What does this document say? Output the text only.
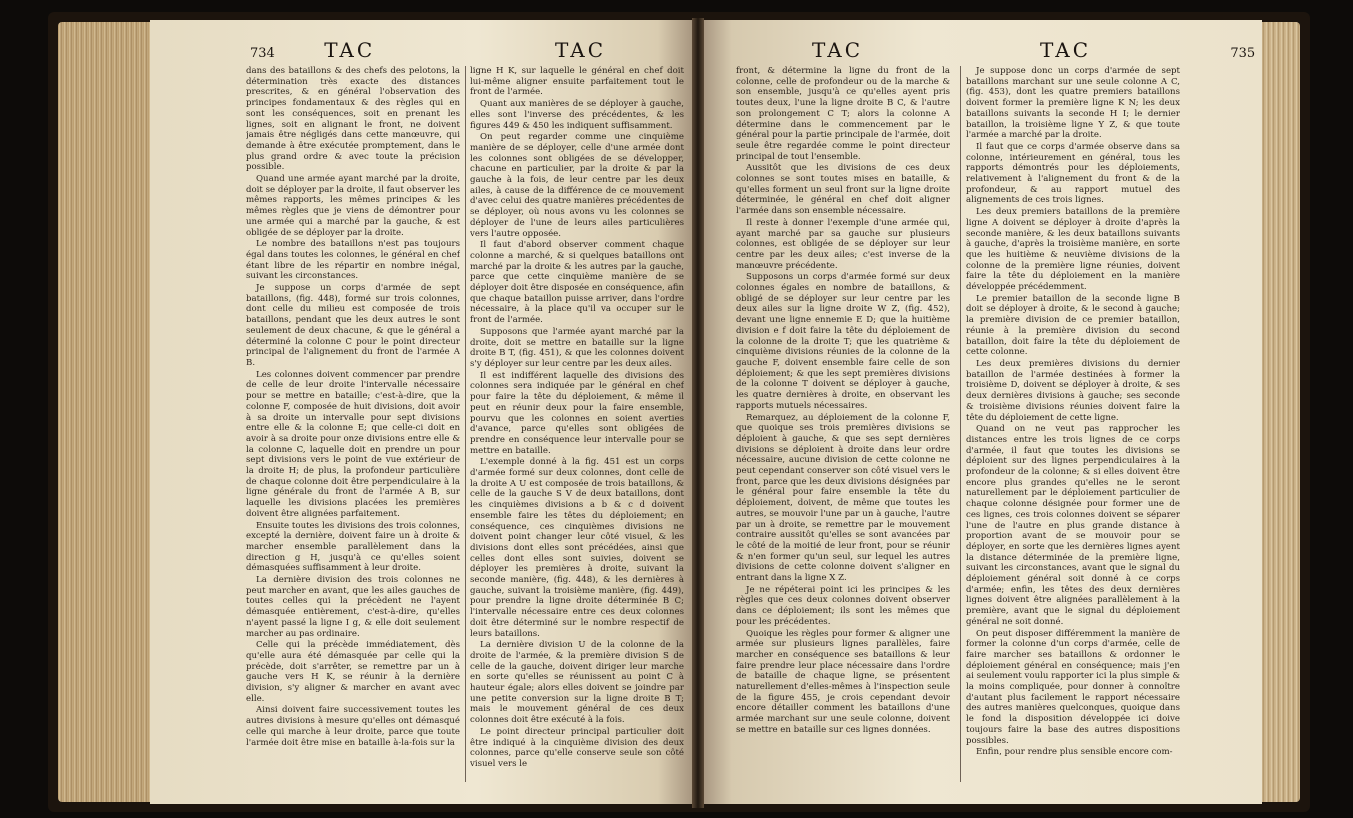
734 TAC	TAC

dans des bataillons & des chefs des pelotons, la détermination très exacte des distances prescrites, & en général l'observation des principes fondamentaux & des règles qui en sont les conséquences, soit en prenant les lignes, soit en alignant le front, ne doivent jamais être négligés dans cette manœuvre, qui demande à être exécutée promptement, dans le plus grand ordre & avec toute la précision possible.

Quand une armée ayant marché par la droite, doit se déployer par la droite, il faut observer les mêmes rapports, les mêmes principes & les mêmes règles que je viens de démontrer pour une armée qui a marché par la gauche, & est obligée de se déployer par la droite.

Le nombre des bataillons n'est pas toujours égal dans toutes les colonnes, le général en chef étant libre de les répartir en nombre inégal, suivant les circonstances.

Je suppose un corps d'armée de sept bataillons, (fig. 448), formé sur trois colonnes, dont celle du milieu est composée de trois bataillons, pendant que les deux autres le sont seulement de deux chacune, & que le général a déterminé la colonne C pour le point directeur principal de l'alignement du front de l'armée A B.

Les colonnes doivent commencer par prendre de celle de leur droite l'intervalle nécessaire pour se mettre en bataille; c'est-à-dire, que la colonne F, composée de huit divisions, doit avoir à sa droite un intervalle pour sept divisions entre elle & la colonne E; que celle-ci doit en avoir à sa droite pour onze divisions entre elle & la colonne C, laquelle doit en prendre un pour sept divisions vers le point de vue extérieur de la droite H; de plus, la profondeur particulière de chaque colonne doit être perpendiculaire à la ligne générale du front de l'armée A B, sur laquelle les divisions placées les premières doivent être alignées parfaitement.

Ensuite toutes les divisions des trois colonnes, excepté la dernière, doivent faire un à droite & marcher ensemble parallèlement dans la direction g H, jusqu'à ce qu'elles soient démasquées suffisamment à leur droite.

La dernière division des trois colonnes ne peut marcher en avant, que les ailes gauches de toutes celles qui la précèdent ne l'ayent démasquée entièrement, c'est-à-dire, qu'elles n'ayent passé la ligne I g, & elle doit seulement marcher au pas ordinaire.

Celle qui la précède immédiatement, dès qu'elle aura été démasquée par celle qui la précède, doit s'arrêter, se remettre par un à gauche vers H K, se réunir à la dernière division, s'y aligner & marcher en avant avec elle.

Ainsi doivent faire successivement toutes les autres divisions à mesure qu'elles ont démasqué celle qui marche à leur droite, parce que toute l'armée doit être mise en bataille à-la-fois sur la

ligne H K, sur laquelle le général en chef doit lui-même aligner ensuite parfaitement tout le front de l'armée.

Quant aux manières de se déployer à gauche, elles sont l'inverse des précédentes, & les figures 449 & 450 les indiquent suffisamment.

On peut regarder comme une cinquième manière de se déployer, celle d'une armée dont les colonnes sont obligées de se développer, chacune en particulier, par la droite & par la gauche à la fois, de leur centre par les deux ailes, à cause de la différence de ce mouvement d'avec celui des quatre manières précédentes de se déployer, où nous avons vu les colonnes se déployer de l'une de leurs ailes particulières vers l'autre opposée.

Il faut d'abord observer comment chaque colonne a marché, & si quelques bataillons ont marché par la droite & les autres par la gauche, parce que cette cinquième manière de se déployer doit être disposée en conséquence, afin que chaque bataillon puisse arriver, dans l'ordre nécessaire, à la place qu'il va occuper sur le front de l'armée.

Supposons que l'armée ayant marché par la droite, doit se mettre en bataille sur la ligne droite B T, (fig. 451), & que les colonnes doivent s'y déployer sur leur centre par les deux ailes.

Il est indifférent laquelle des divisions des colonnes sera indiquée par le général en chef pour faire la tête du déploiement, & même il peut en réunir deux pour la faire ensemble, pourvu que les colonnes en soient averties d'avance, parce qu'elles sont obligées de prendre en conséquence leur intervalle pour se mettre en bataille.

L'exemple donné à la fig. 451 est un corps d'armée formé sur deux colonnes, dont celle de la droite A U est composée de trois bataillons, & celle de la gauche S V de deux bataillons, dont les cinquièmes divisions a b & c d doivent ensemble faire les têtes du déploiement; en conséquence, ces cinquièmes divisions ne doivent point changer leur côté visuel, & les divisions dont elles sont précédées, ainsi que celles dont elles sont suivies, doivent se déployer les premières à droite, suivant la seconde manière, (fig. 448), & les dernières à gauche, suivant la troisième manière, (fig. 449), pour prendre la ligne droite déterminée B C; l'intervalle nécessaire entre ces deux colonnes doit être déterminé sur le nombre respectif de leurs bataillons.

La dernière division U de la colonne de la droite de l'armée, & la première division S de celle de la gauche, doivent diriger leur marche en sorte qu'elles se réunissent au point C à hauteur égale; alors elles doivent se joindre par une petite conversion sur la ligne droite B T; mais le mouvement général de ces deux colonnes doit être exécuté à la fois.

Le point directeur principal particulier doit être indiqué à la cinquième division des deux colonnes, parce qu'elle conserve seule son côté visuel vers le

TAC	TAC	735

front, & détermine la ligne du front de la colonne, celle de profondeur ou de la marche & son ensemble, jusqu'à ce qu'elles ayent pris toutes deux, l'une la ligne droite B C, & l'autre son prolongement C T; alors la colonne A détermine dans le commencement par le général pour la partie principale de l'armée, doit seule être regardée comme le point directeur principal de tout l'ensemble.

Aussitôt que les divisions de ces deux colonnes se sont toutes mises en bataille, & qu'elles forment un seul front sur la ligne droite déterminée, le général en chef doit aligner l'armée dans son ensemble nécessaire.

Il reste à donner l'exemple d'une armée qui, ayant marché par sa gauche sur plusieurs colonnes, est obligée de se déployer sur leur centre par les deux ailes; c'est inverse de la manœuvre précédente.

Supposons un corps d'armée formé sur deux colonnes égales en nombre de bataillons, & obligé de se déployer sur leur centre par les deux ailes sur la ligne droite W Z, (fig. 452), devant une ligne ennemie E D; que la huitième division e f doit faire la tête du déploiement de la colonne de la droite T; que les quatrième & cinquième divisions réunies de la colonne de la gauche F, doivent ensemble faire celle de son déploiement; & que les sept premières divisions de la colonne T doivent se déployer à gauche, les quatre dernières à droite, en observant les rapports mutuels nécessaires.

Remarquez, au déploiement de la colonne F, que quoique ses trois premières divisions se déploient à gauche, & que ses sept dernières divisions se déploient à droite dans leur ordre nécessaire, aucune division de cette colonne ne peut cependant conserver son côté visuel vers le front, parce que les deux divisions désignées par le général pour faire ensemble la tête du déploiement, doivent, de même que toutes les autres, se mouvoir l'une par un à gauche, l'autre par un à droite, se remettre par le mouvement contraire aussitôt qu'elles se sont avancées par le côté de la moitié de leur front, pour se réunir & n'en former qu'un seul, sur lequel les autres divisions de cette colonne doivent s'aligner en entrant dans la ligne X Z.

Je ne répéterai point ici les principes & les règles que ces deux colonnes doivent observer dans ce déploiement; ils sont les mêmes que pour les précédentes.

Quoique les règles pour former & aligner une armée sur plusieurs lignes parallèles, faire marcher en conséquence ses bataillons & leur faire prendre leur place nécessaire dans l'ordre de bataille de chaque ligne, se présentent naturellement d'elles-mêmes à l'inspection seule de la figure 455, je crois cependant devoir encore détailler comment les bataillons d'une armée marchant sur une seule colonne, doivent se mettre en bataille sur ces lignes données.

Je suppose donc un corps d'armée de sept bataillons marchant sur une seule colonne A C, (fig. 453), dont les quatre premiers bataillons doivent former la première ligne K N; les deux bataillons suivants la seconde H I; le dernier bataillon, la troisième ligne Y Z, & que toute l'armée a marché par la droite.

Il faut que ce corps d'armée observe dans sa colonne, intérieurement en général, tous les rapports démontrés pour les déploiements, relativement à l'alignement du front & de la profondeur, & au rapport mutuel des alignements de ces trois lignes.

Les deux premiers bataillons de la première ligne A doivent se déployer à droite d'après la seconde manière, & les deux bataillons suivants à gauche, d'après la troisième manière, en sorte que les huitième & neuvième divisions de la colonne de la première ligne réunies, doivent faire la tête du déploiement en la manière développée précédemment.

Le premier bataillon de la seconde ligne B doit se déployer à droite, & le second à gauche; la première division de ce premier bataillon, réunie à la première division du second bataillon, doit faire la tête du déploiement de cette colonne.

Les deux premières divisions du dernier bataillon de l'armée destinées à former la troisième D, doivent se déployer à droite, & ses deux dernières divisions à gauche; ses seconde & troisième divisions réunies doivent faire la tête du déploiement de cette ligne.

Quand on ne veut pas rapprocher les distances entre les trois lignes de ce corps d'armée, il faut que toutes les divisions se déploient sur des lignes perpendiculaires à la profondeur de la colonne; & si elles doivent être encore plus grandes qu'elles ne le seront naturellement par le déploiement particulier de chaque colonne désignée pour former une de ces lignes, ces trois colonnes doivent se séparer l'une de l'autre en plus grande distance à proportion avant de se mouvoir pour se déployer, en sorte que les dernières lignes ayent la distance déterminée de la première ligne, suivant les circonstances, avant que le signal du déploiement général soit donné à ce corps d'armée; enfin, les têtes des deux dernières lignes doivent être alignées parallèlement à la première, avant que le signal du déploiement général ne soit donné.

On peut disposer différemment la manière de former la colonne d'un corps d'armée, celle de faire marcher ses bataillons & ordonner le déploiement général en conséquence; mais j'en ai seulement voulu rapporter ici la plus simple & la moins compliquée, pour donner à connoître d'autant plus facilement le rapport nécessaire des autres manières quelconques, quoique dans le fond la disposition développée ici doive toujours faire la base des autres dispositions possibles.

Enfin, pour rendre plus sensible encore com-
